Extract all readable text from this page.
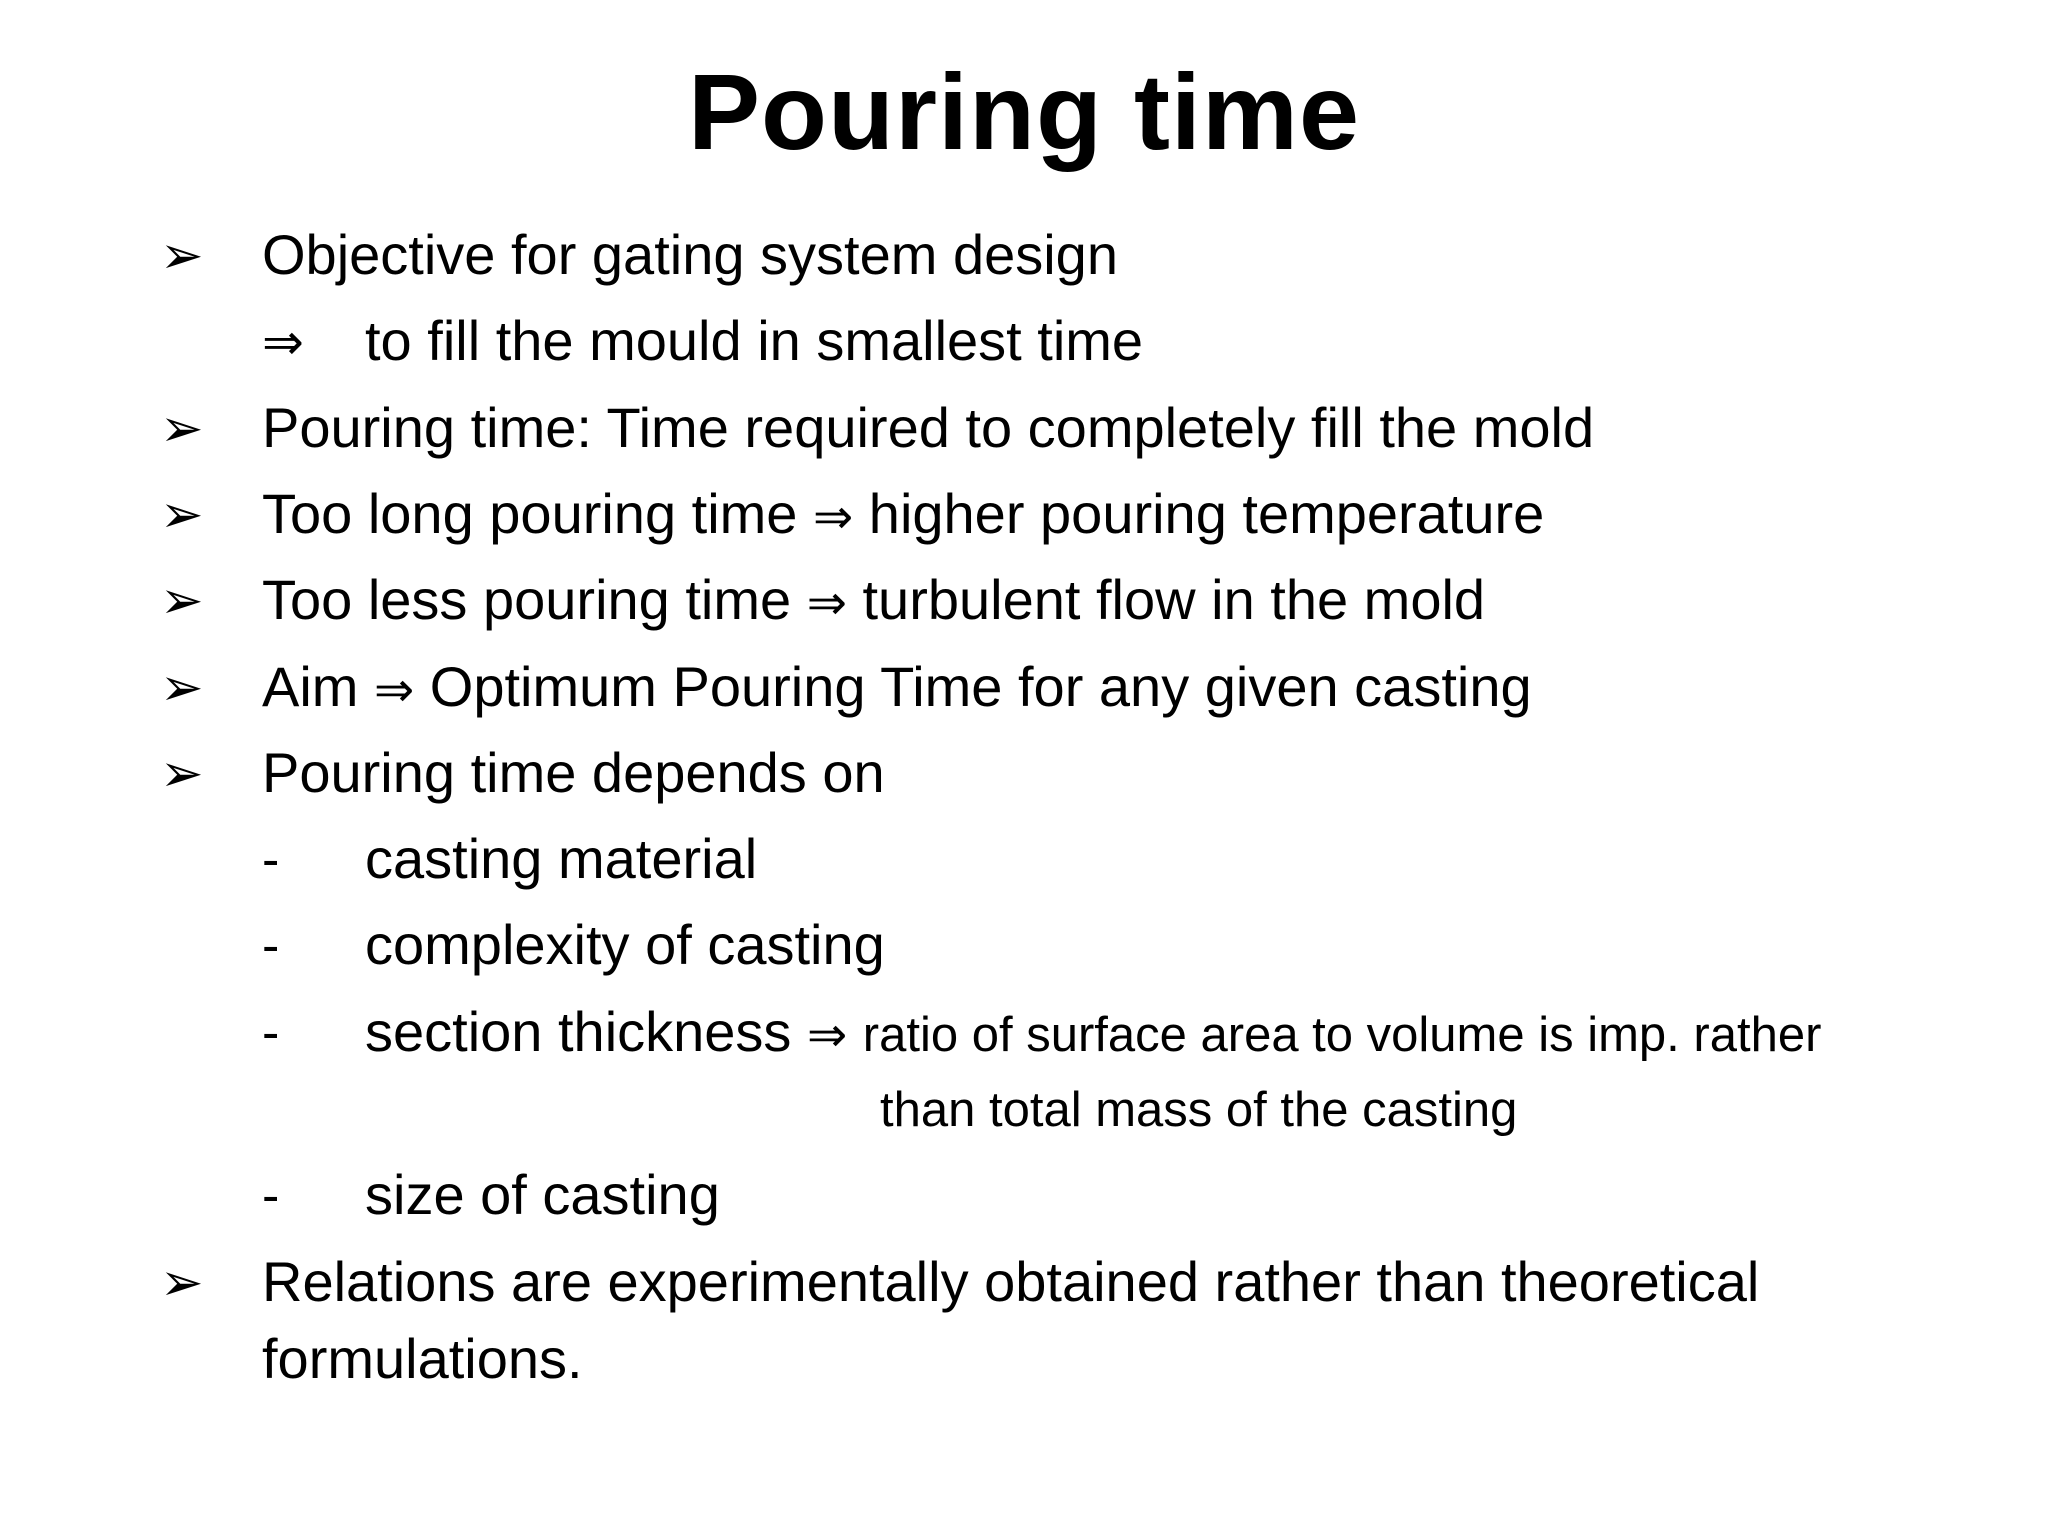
Pouring time
➢ Objective for gating system design
⇒ to fill the mould in smallest time
➢ Pouring time: Time required to completely fill the mold
➢ Too long pouring time ⇒ higher pouring temperature
➢ Too less pouring time ⇒ turbulent flow in the mold
➢ Aim ⇒ Optimum Pouring Time for any given casting
➢ Pouring time depends on
- casting material
- complexity of casting
- section thickness ⇒ ratio of surface area to volume is imp. rather
than total mass of the casting
- size of casting
➢ Relations are experimentally obtained rather than theoretical
formulations.
